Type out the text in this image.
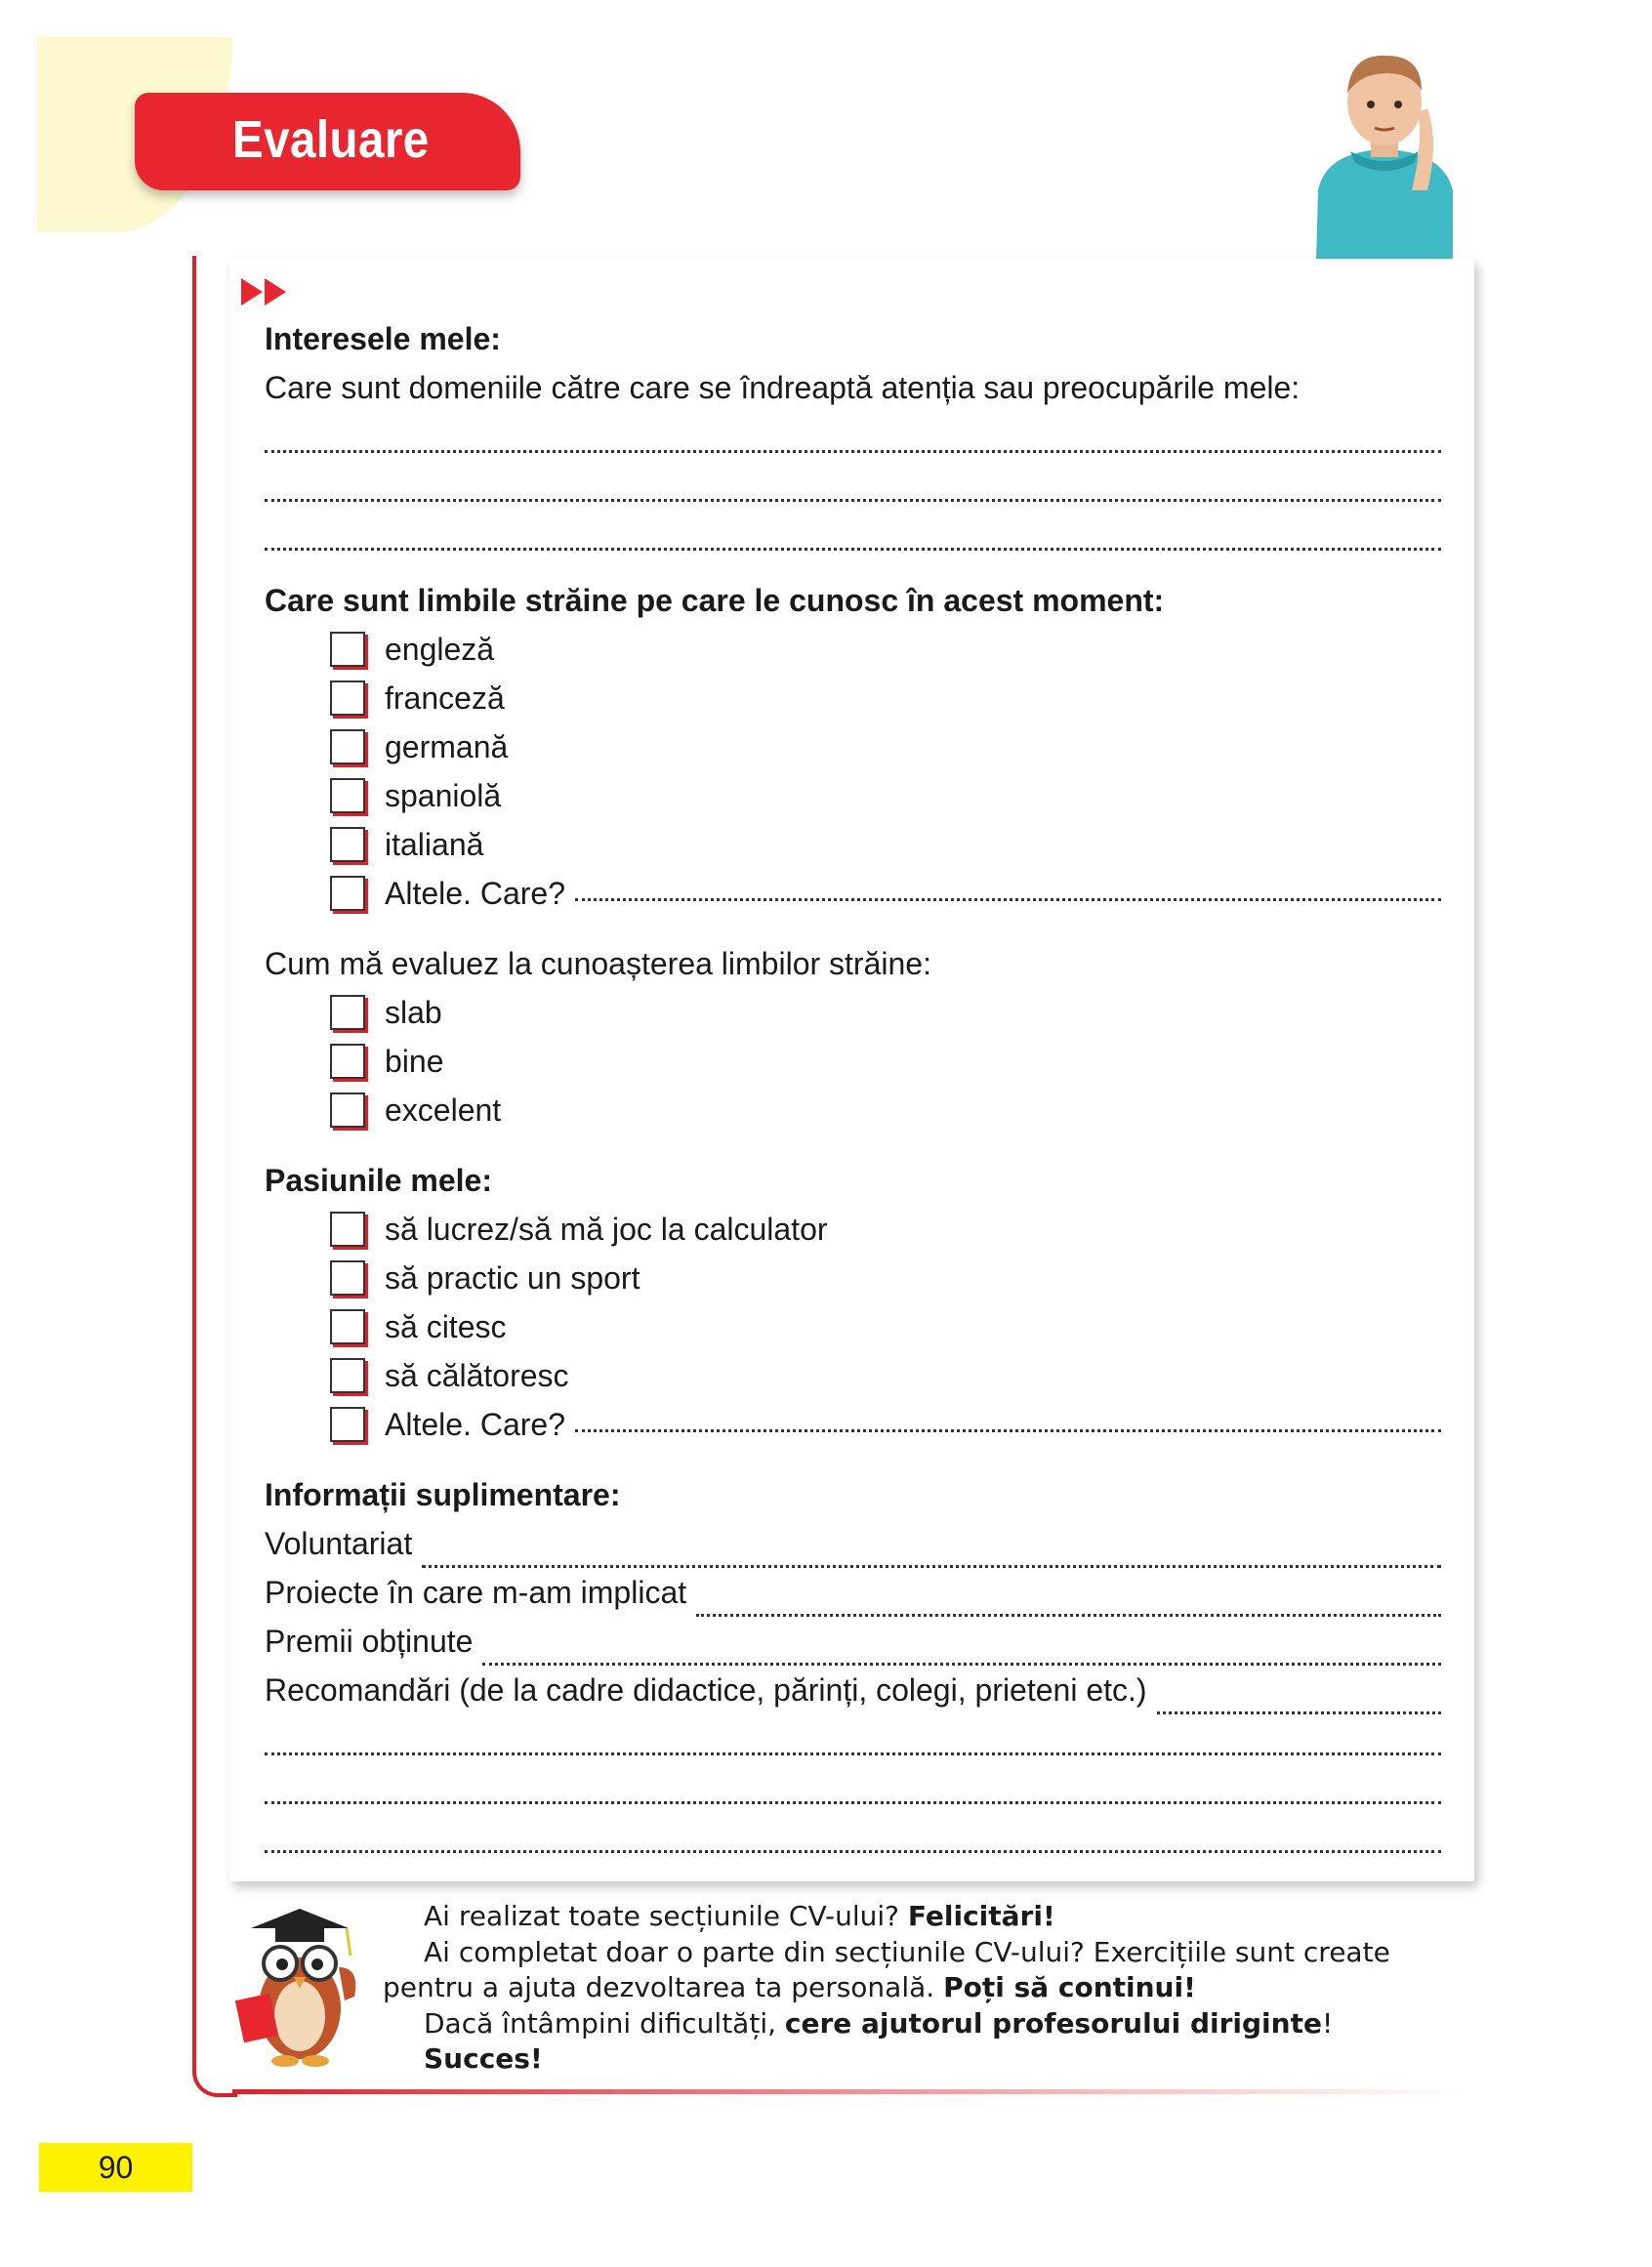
Evaluare
Interesele mele:
Care sunt domeniile către care se îndreaptă atenția sau preocupările mele:
Care sunt limbile străine pe care le cunosc în acest moment:
engleză
franceză
germană
spaniolă
italiană
Altele. Care?
Cum mă evaluez la cunoașterea limbilor străine:
slab
bine
excelent
Pasiunile mele:
să lucrez/să mă joc la calculator
să practic un sport
să citesc
să călătoresc
Altele. Care?
Informații suplimentare:
Voluntariat
Proiecte în care m-am implicat
Premii obținute
Recomandări (de la cadre didactice, părinți, colegi, prieteni etc.)

Ai realizat toate secțiunile CV-ului? Felicitări!

Ai completat doar o parte din secțiunile CV-ului? Exercițiile sunt create pentru a ajuta dezvoltarea ta personală. Poți să continui!

Dacă întâmpini dificultăți, cere ajutorul profesorului diriginte!

Succes!

90
